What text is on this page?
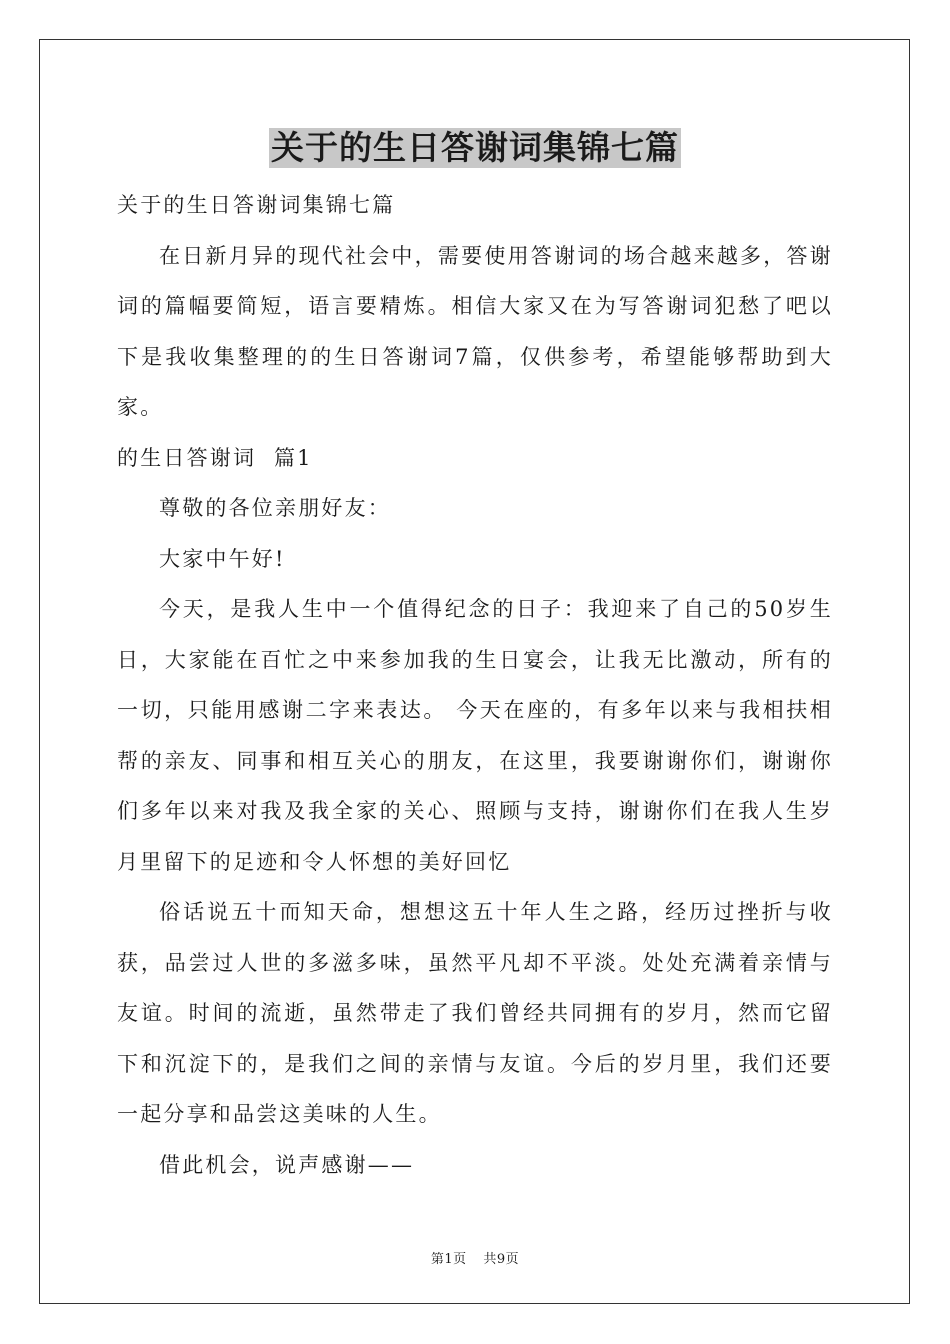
关于的生日答谢词集锦七篇

关于的生日答谢词集锦七篇

在日新月异的现代社会中，需要使用答谢词的场合越来越多，答谢词的篇幅要简短，语言要精炼。相信大家又在为写答谢词犯愁了吧以下是我收集整理的的生日答谢词7篇，仅供参考，希望能够帮助到大家。

的生日答谢词  篇1

尊敬的各位亲朋好友：

大家中午好!

今天，是我人生中一个值得纪念的日子：我迎来了自己的50岁生日，大家能在百忙之中来参加我的生日宴会，让我无比激动，所有的一切，只能用感谢二字来表达。 今天在座的，有多年以来与我相扶相帮的亲友、同事和相互关心的朋友，在这里，我要谢谢你们，谢谢你们多年以来对我及我全家的关心、照顾与支持，谢谢你们在我人生岁月里留下的足迹和令人怀想的美好回忆

俗话说五十而知天命，想想这五十年人生之路，经历过挫折与收获，品尝过人世的多滋多味，虽然平凡却不平淡。处处充满着亲情与友谊。时间的流逝，虽然带走了我们曾经共同拥有的岁月，然而它留下和沉淀下的，是我们之间的亲情与友谊。今后的岁月里，我们还要一起分享和品尝这美味的人生。

借此机会，说声感谢——

第1页 共9页
